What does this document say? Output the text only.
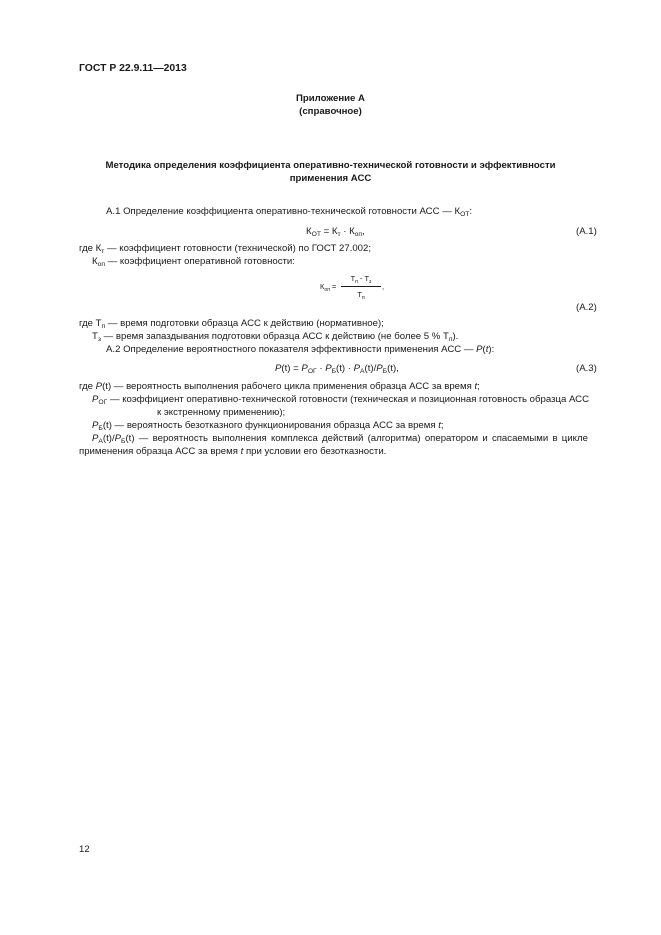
ГОСТ Р 22.9.11—2013
Приложение А
(справочное)
Методика определения коэффициента оперативно-технической готовности и эффективности
применения АСС
А.1 Определение коэффициента оперативно-технической готовности АСС — $К_{ОТ}$:
$К_{ОТ} = К_т \cdot К_{оп}$,	(А.1)
где $К_т$ — коэффициент готовности (технической) по ГОСТ 27.002;
$К_{оп}$ — коэффициент оперативной готовности:
$К_{оп}$ =
$Т_п - Т_з$
$Т_п$
,
(А.2)
где $Т_п$ — время подготовки образца АСС к действию (нормативное);
$Т_з$ — время запаздывания подготовки образца АСС к действию (не более 5 % $Т_п$).
А.2 Определение вероятностного показателя эффективности применения АСС — P(t):
$P(t) = P_{ОГ} \cdot P_Б(t) \cdot P_А(t)/P_Б(t)$,	(А.3)
где P(t) — вероятность выполнения рабочего цикла применения образца АСС за время t;
$P_{ОГ}$ — коэффициент оперативно-технической готовности (техническая и позиционная готовность образца АСС
к экстренному применению);
$P_Б(t)$ — вероятность безотказного функционирования образца АСС за время t;
$P_А(t)/P_Б(t)$ — вероятность выполнения комплекса действий (алгоритма) оператором и спасаемыми в цикле
применения образца АСС за время t при условии его безотказности.
12
